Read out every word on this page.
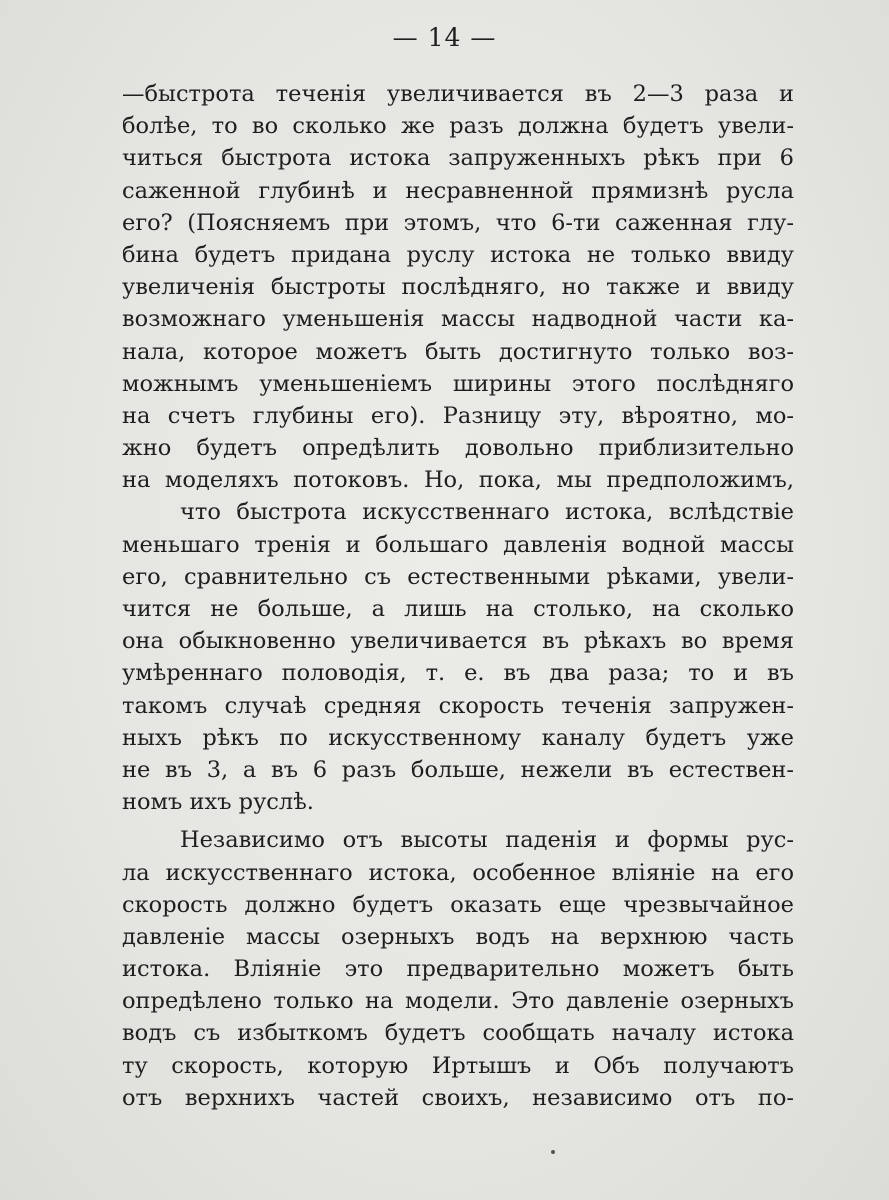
— 14 —
—быстрота теченія увеличивается въ 2—3 раза и
болѣе, то во сколько же разъ должна будетъ увели-
читься быстрота истока запруженныхъ рѣкъ при 6
саженной глубинѣ и несравненной прямизнѣ русла
его? (Поясняемъ при этомъ, что 6-ти саженная глу-
бина будетъ придана руслу истока не только ввиду
увеличенія быстроты послѣдняго, но также и ввиду
возможнаго уменьшенія массы надводной части ка-
нала, которое можетъ быть достигнуто только воз-
можнымъ уменьшеніемъ ширины этого послѣдняго
на счетъ глубины его). Разницу эту, вѣроятно, мо-
жно будетъ опредѣлить довольно приблизительно
на моделяхъ потоковъ. Но, пока, мы предположимъ,
что быстрота искусственнаго истока, вслѣдствіе
меньшаго тренія и большаго давленія водной массы
его, сравнительно съ естественными рѣками, увели-
чится не больше, а лишь на столько, на сколько
она обыкновенно увеличивается въ рѣкахъ во время
умѣреннаго половодія, т. е. въ два раза; то и въ
такомъ случаѣ средняя скорость теченія запружен-
ныхъ рѣкъ по искусственному каналу будетъ уже
не въ 3, а въ 6 разъ больше, нежели въ естествен-
номъ ихъ руслѣ.
Независимо отъ высоты паденія и формы рус-
ла искусственнаго истока, особенное вліяніе на его
скорость должно будетъ оказать еще чрезвычайное
давленіе массы озерныхъ водъ на верхнюю часть
истока. Вліяніе это предварительно можетъ быть
опредѣлено только на модели. Это давленіе озерныхъ
водъ съ избыткомъ будетъ сообщать началу истока
ту скорость, которую Иртышъ и Объ получаютъ
отъ верхнихъ частей своихъ, независимо отъ по-
